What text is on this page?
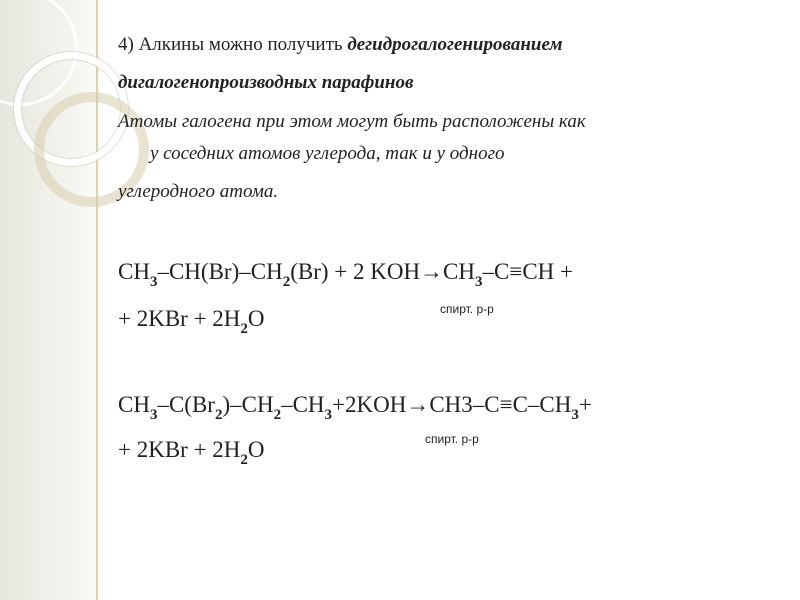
4) Алкины можно получить дегидрогалогенированием
дигалогенопроизводных парафинов
Атомы галогена при этом могут быть расположены как
у соседних атомов углерода, так и у одного
углеродного атома.
$CH_3-CH(Br)-CH_2(Br) + 2$ $KOH\to CH_3-C\equiv CH$ +
+ $2KBr + 2H_2O$	спирт. р-р
$CH_3-C(Br_2)-CH_2-CH_3+2KOH\to CH3-C\equiv C-CH_3+$
+ $2KBr + 2H_2O$	спирт. р-р
